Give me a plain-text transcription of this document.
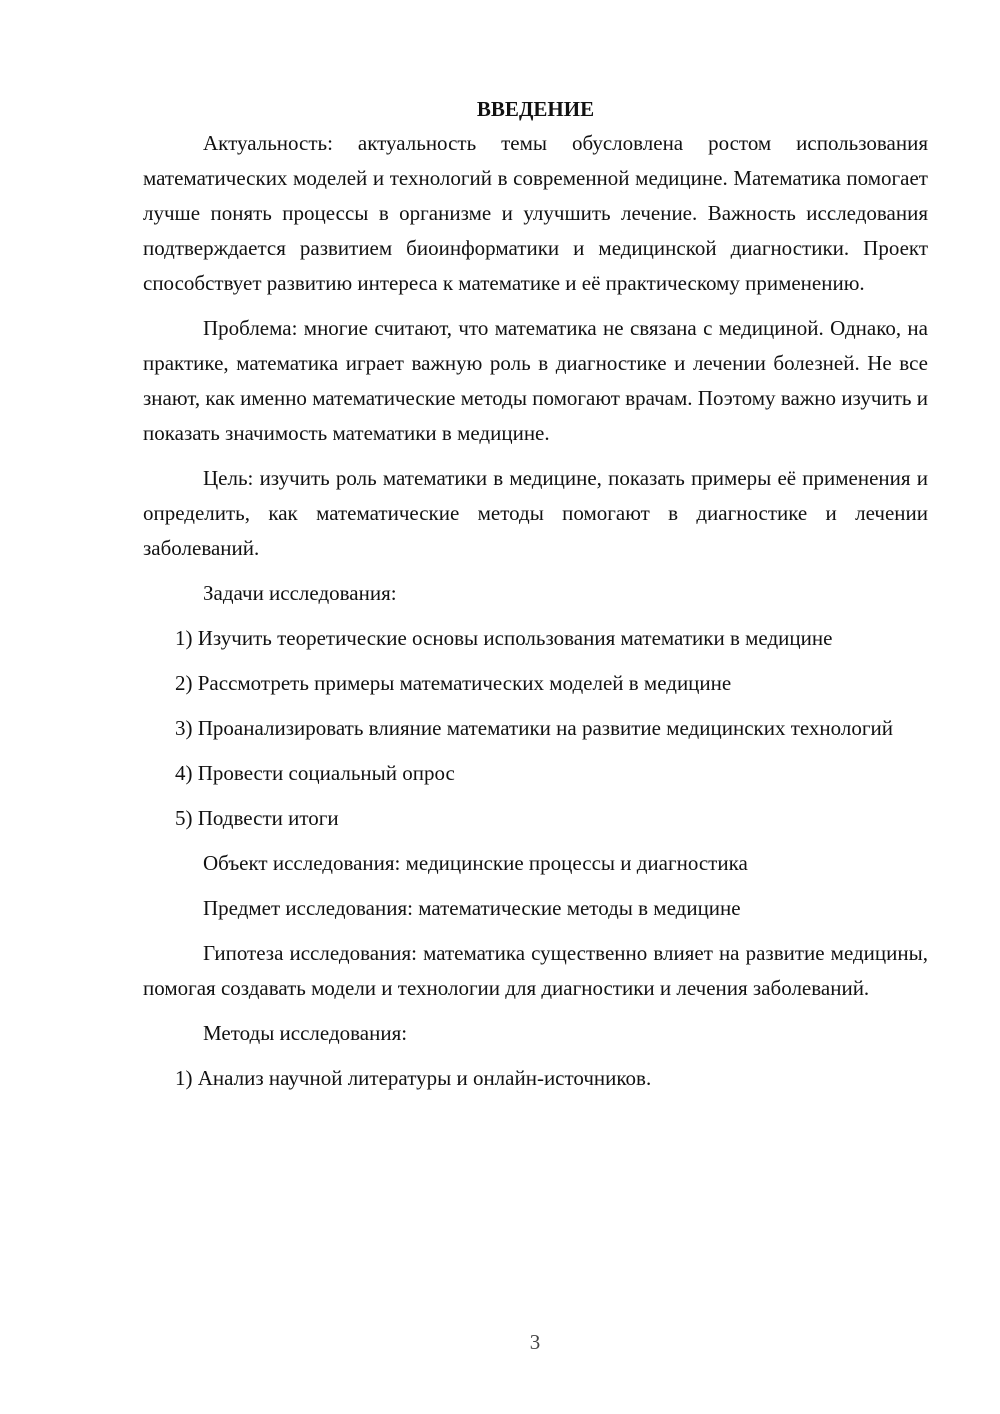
ВВЕДЕНИЕ

Актуальность: актуальность темы обусловлена ростом использования математических моделей и технологий в современной медицине. Математика помогает лучше понять процессы в организме и улучшить лечение. Важность исследования подтверждается развитием биоинформатики и медицинской диагностики. Проект способствует развитию интереса к математике и её практическому применению.

Проблема: многие считают, что математика не связана с медициной. Однако, на практике, математика играет важную роль в диагностике и лечении болезней. Не все знают, как именно математические методы помогают врачам. Поэтому важно изучить и показать значимость математики в медицине.

Цель: изучить роль математики в медицине, показать примеры её применения и определить, как математические методы помогают в диагностике и лечении заболеваний.

Задачи исследования:

1) Изучить теоретические основы использования математики в медицине

2) Рассмотреть примеры математических моделей в медицине

3) Проанализировать влияние математики на развитие медицинских технологий

4) Провести социальный опрос

5) Подвести итоги

Объект исследования: медицинские процессы и диагностика

Предмет исследования: математические методы в медицине

Гипотеза исследования: математика существенно влияет на развитие медицины, помогая создавать модели и технологии для диагностики и лечения заболеваний.

Методы исследования:

1) Анализ научной литературы и онлайн-источников.

3
